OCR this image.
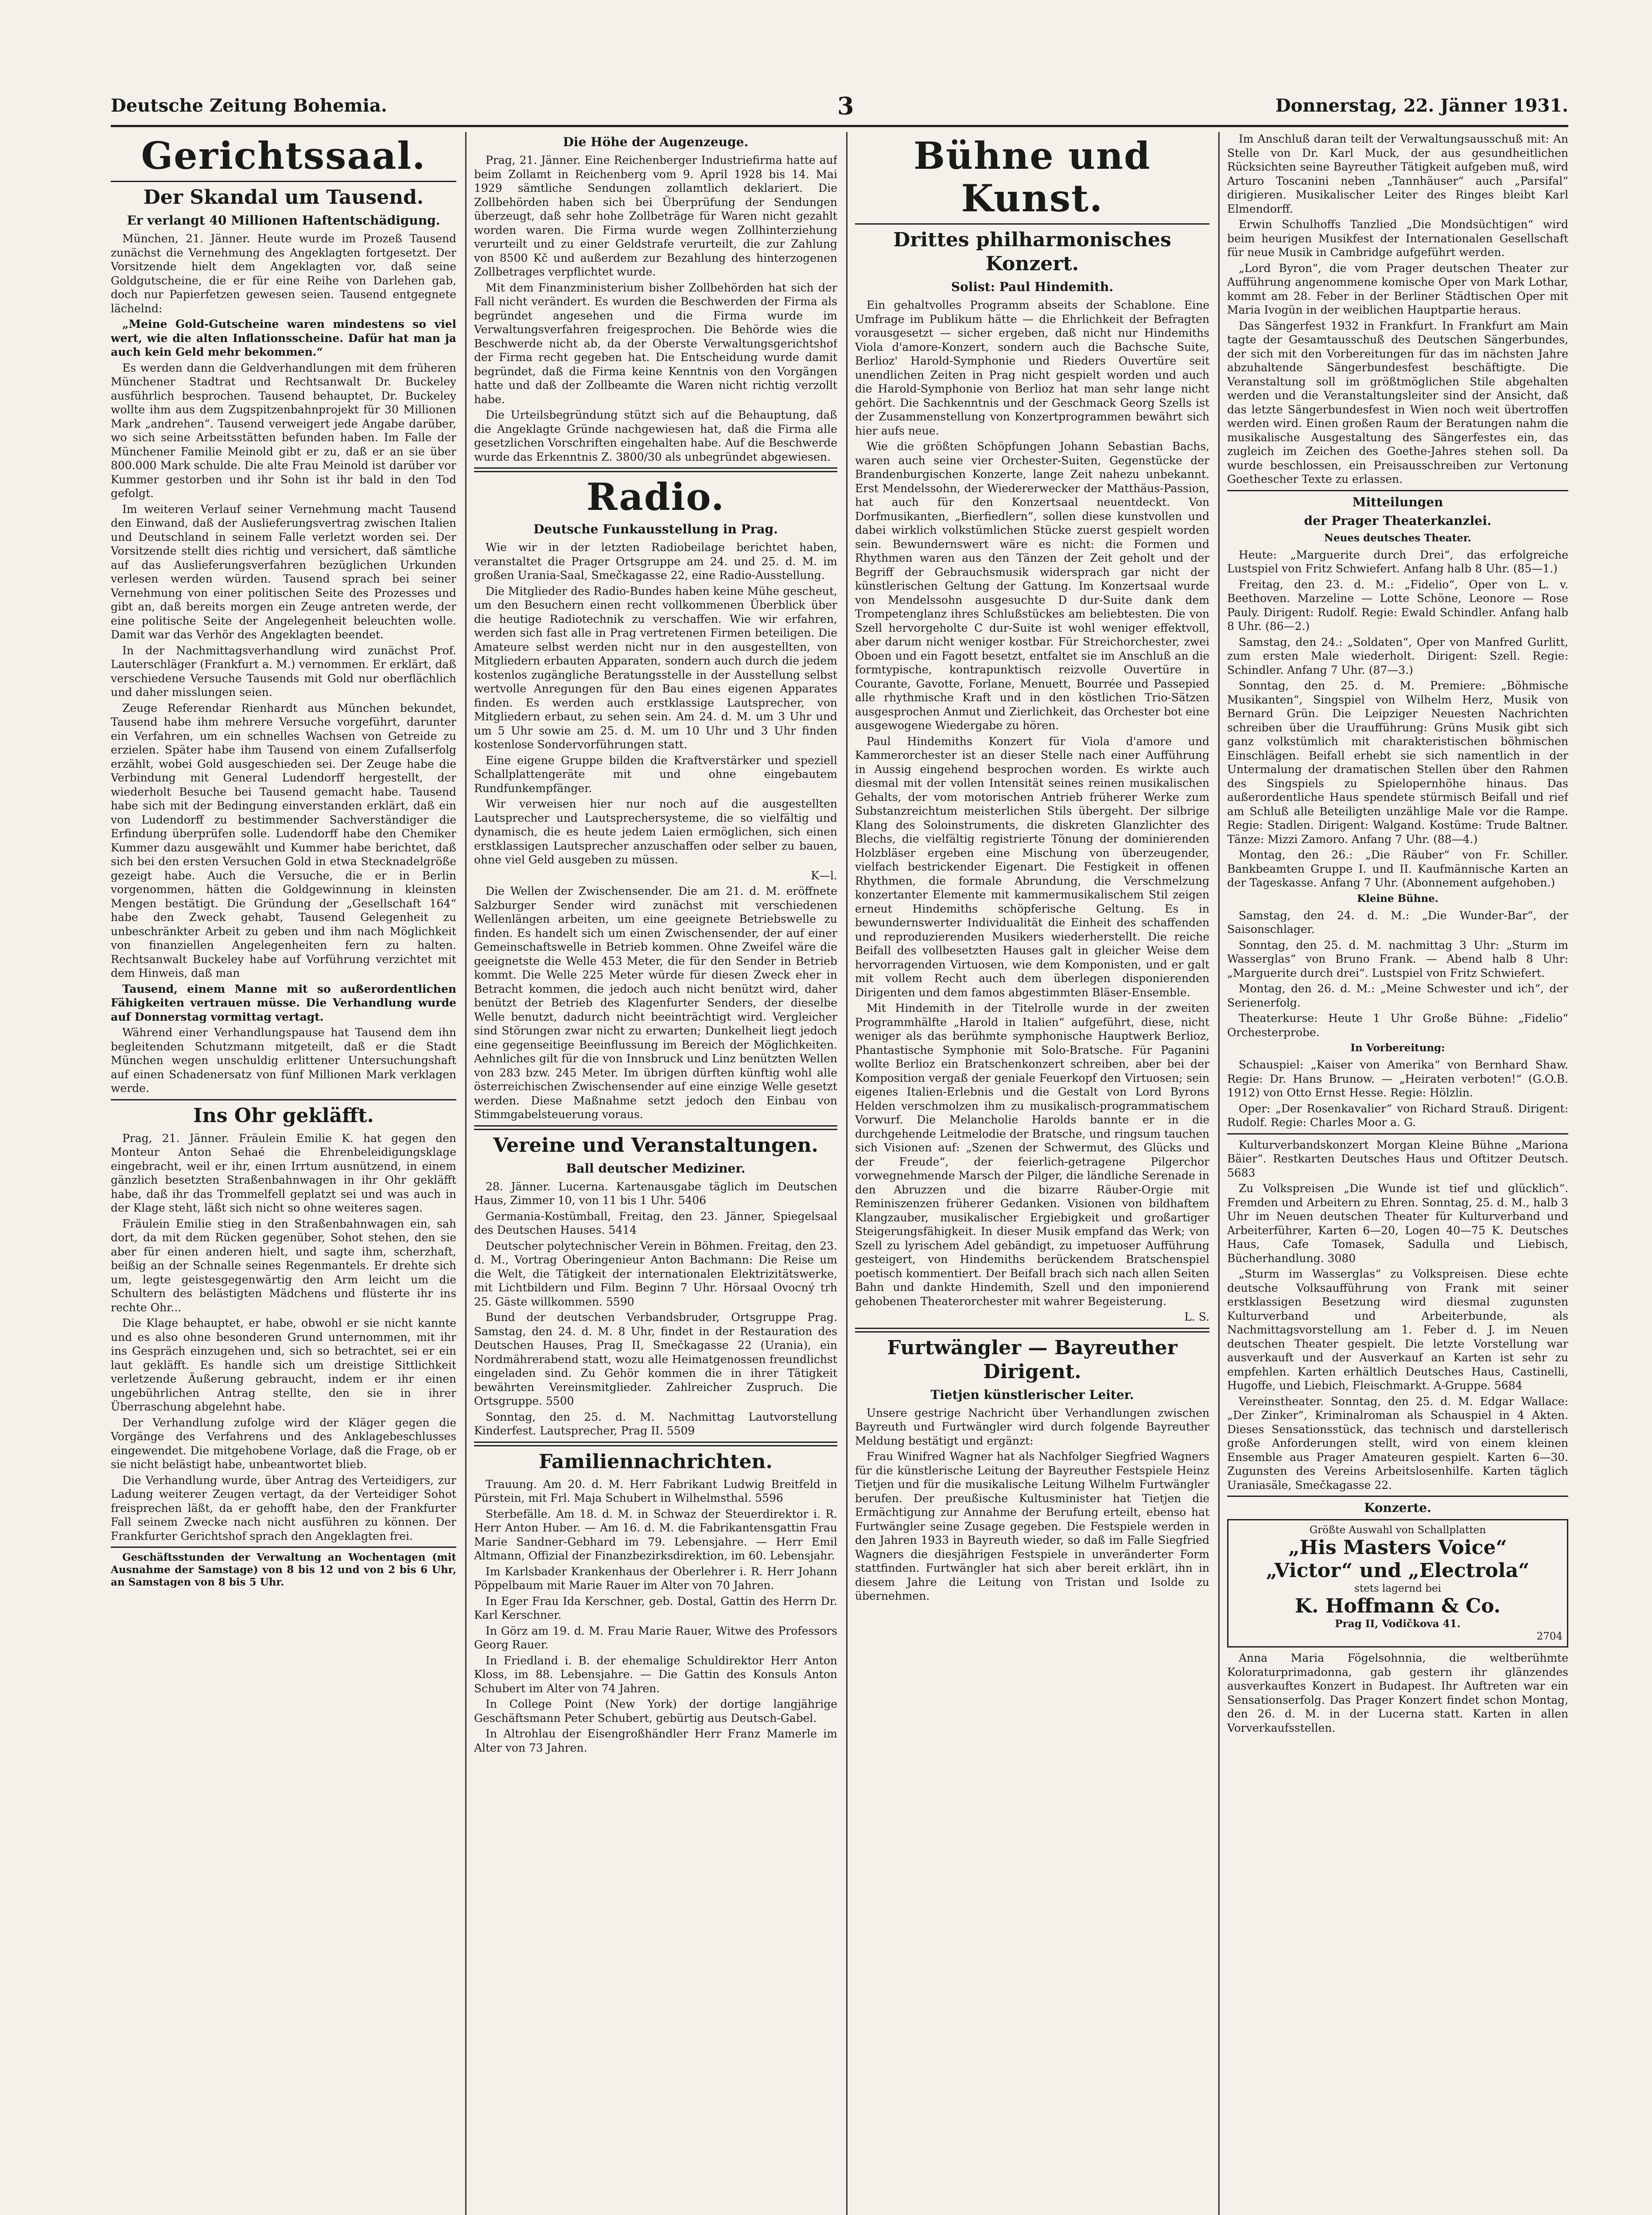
Deutsche Zeitung Bohemia.	3	Donnerstag, 22. Jänner 1931.
Gerichtssaal.
Der Skandal um Tausend.
Er verlangt 40 Millionen Haftentschädigung.

München, 21. Jänner. Heute wurde im Prozeß Tausend zunächst die Vernehmung des Angeklagten fortgesetzt. Der Vorsitzende hielt dem Angeklagten vor, daß seine Goldgutscheine, die er für eine Reihe von Darlehen gab, doch nur Papierfetzen gewesen seien. Tausend entgegnete lächelnd:

„Meine Gold-Gutscheine waren mindestens so viel wert, wie die alten Inflationsscheine. Dafür hat man ja auch kein Geld mehr bekommen.“

Es werden dann die Geldverhandlungen mit dem früheren Münchener Stadtrat und Rechtsanwalt Dr. Buckeley ausführlich besprochen. Tausend behauptet, Dr. Buckeley wollte ihm aus dem Zugspitzenbahnprojekt für 30 Millionen Mark „andrehen“. Tausend verweigert jede Angabe darüber, wo sich seine Arbeitsstätten befunden haben. Im Falle der Münchener Familie Meinold gibt er zu, daß er an sie über 800.000 Mark schulde. Die alte Frau Meinold ist darüber vor Kummer gestorben und ihr Sohn ist ihr bald in den Tod gefolgt.

Im weiteren Verlauf seiner Vernehmung macht Tausend den Einwand, daß der Auslieferungsvertrag zwischen Italien und Deutschland in seinem Falle verletzt worden sei. Der Vorsitzende stellt dies richtig und versichert, daß sämtliche auf das Auslieferungsverfahren bezüglichen Urkunden verlesen werden würden. Tausend sprach bei seiner Vernehmung von einer politischen Seite des Prozesses und gibt an, daß bereits morgen ein Zeuge antreten werde, der eine politische Seite der Angelegenheit beleuchten wolle. Damit war das Verhör des Angeklagten beendet.

In der Nachmittagsverhandlung wird zunächst Prof. Lauterschläger (Frankfurt a. M.) vernommen. Er erklärt, daß verschiedene Versuche Tausends mit Gold nur oberflächlich und daher misslungen seien.

Zeuge Referendar Rienhardt aus München bekundet, Tausend habe ihm mehrere Versuche vorgeführt, darunter ein Verfahren, um ein schnelles Wachsen von Getreide zu erzielen. Später habe ihm Tausend von einem Zufallserfolg erzählt, wobei Gold ausgeschieden sei. Der Zeuge habe die Verbindung mit General Ludendorff hergestellt, der wiederholt Besuche bei Tausend gemacht habe. Tausend habe sich mit der Bedingung einverstanden erklärt, daß ein von Ludendorff zu bestimmender Sachverständiger die Erfindung überprüfen solle. Ludendorff habe den Chemiker Kummer dazu ausgewählt und Kummer habe berichtet, daß sich bei den ersten Versuchen Gold in etwa Stecknadelgröße gezeigt habe. Auch die Versuche, die er in Berlin vorgenommen, hätten die Goldgewinnung in kleinsten Mengen bestätigt. Die Gründung der „Gesellschaft 164“ habe den Zweck gehabt, Tausend Gelegenheit zu unbeschränkter Arbeit zu geben und ihm nach Möglichkeit von finanziellen Angelegenheiten fern zu halten. Rechtsanwalt Buckeley habe auf Vorführung verzichtet mit dem Hinweis, daß man

Tausend, einem Manne mit so außerordentlichen Fähigkeiten vertrauen müsse. Die Verhandlung wurde auf Donnerstag vormittag vertagt.

Während einer Verhandlungspause hat Tausend dem ihn begleitenden Schutzmann mitgeteilt, daß er die Stadt München wegen unschuldig erlittener Untersuchungshaft auf einen Schadenersatz von fünf Millionen Mark verklagen werde.

Ins Ohr gekläfft.

Prag, 21. Jänner. Fräulein Emilie K. hat gegen den Monteur Anton Sehaé die Ehrenbeleidigungsklage eingebracht, weil er ihr, einen Irrtum ausnützend, in einem gänzlich besetzten Straßenbahnwagen in ihr Ohr gekläfft habe, daß ihr das Trommelfell geplatzt sei und was auch in der Klage steht, läßt sich nicht so ohne weiteres sagen.

Fräulein Emilie stieg in den Straßenbahnwagen ein, sah dort, da mit dem Rücken gegenüber, Sohot stehen, den sie aber für einen anderen hielt, und sagte ihm, scherzhaft, beißig an der Schnalle seines Regenmantels. Er drehte sich um, legte geistesgegenwärtig den Arm leicht um die Schultern des belästigten Mädchens und flüsterte ihr ins rechte Ohr...

Die Klage behauptet, er habe, obwohl er sie nicht kannte und es also ohne besonderen Grund unternommen, mit ihr ins Gespräch einzugehen und, sich so betrachtet, sei er ein laut gekläfft. Es handle sich um dreistige Sittlichkeit verletzende Äußerung gebraucht, indem er ihr einen ungebührlichen Antrag stellte, den sie in ihrer Überraschung abgelehnt habe.

Der Verhandlung zufolge wird der Kläger gegen die Vorgänge des Verfahrens und des Anklagebeschlusses eingewendet. Die mitgehobene Vorlage, daß die Frage, ob er sie nicht belästigt habe, unbeantwortet blieb.

Die Verhandlung wurde, über Antrag des Verteidigers, zur Ladung weiterer Zeugen vertagt, da der Verteidiger Sohot freisprechen läßt, da er gehofft habe, den der Frankfurter Fall seinem Zwecke nach nicht ausführen zu können. Der Frankfurter Gerichtshof sprach den Angeklagten frei.

Geschäftsstunden der Verwaltung an Wochentagen (mit Ausnahme der Samstage) von 8 bis 12 und von 2 bis 6 Uhr, an Samstagen von 8 bis 5 Uhr.

Die Höhe der Augenzeuge.

Prag, 21. Jänner. Eine Reichenberger Industriefirma hatte auf beim Zollamt in Reichenberg vom 9. April 1928 bis 14. Mai 1929 sämtliche Sendungen zollamtlich deklariert. Die Zollbehörden haben sich bei Überprüfung der Sendungen überzeugt, daß sehr hohe Zollbeträge für Waren nicht gezahlt worden waren. Die Firma wurde wegen Zollhinterziehung verurteilt und zu einer Geldstrafe verurteilt, die zur Zahlung von 8500 Kč und außerdem zur Bezahlung des hinterzogenen Zollbetrages verpflichtet wurde.

Mit dem Finanzministerium bisher Zollbehörden hat sich der Fall nicht verändert. Es wurden die Beschwerden der Firma als begründet angesehen und die Firma wurde im Verwaltungsverfahren freigesprochen. Die Behörde wies die Beschwerde nicht ab, da der Oberste Verwaltungsgerichtshof der Firma recht gegeben hat. Die Entscheidung wurde damit begründet, daß die Firma keine Kenntnis von den Vorgängen hatte und daß der Zollbeamte die Waren nicht richtig verzollt habe.

Die Urteilsbegründung stützt sich auf die Behauptung, daß die Angeklagte Gründe nachgewiesen hat, daß die Firma alle gesetzlichen Vorschriften eingehalten habe. Auf die Beschwerde wurde das Erkenntnis Z. 3800/30 als unbegründet abgewiesen.

Radio.
Deutsche Funkausstellung in Prag.

Wie wir in der letzten Radiobeilage berichtet haben, veranstaltet die Prager Ortsgruppe am 24. und 25. d. M. im großen Urania-Saal, Smečkagasse 22, eine Radio-Ausstellung.

Die Mitglieder des Radio-Bundes haben keine Mühe gescheut, um den Besuchern einen recht vollkommenen Überblick über die heutige Radiotechnik zu verschaffen. Wie wir erfahren, werden sich fast alle in Prag vertretenen Firmen beteiligen. Die Amateure selbst werden nicht nur in den ausgestellten, von Mitgliedern erbauten Apparaten, sondern auch durch die jedem kostenlos zugängliche Beratungsstelle in der Ausstellung selbst wertvolle Anregungen für den Bau eines eigenen Apparates finden. Es werden auch erstklassige Lautsprecher, von Mitgliedern erbaut, zu sehen sein. Am 24. d. M. um 3 Uhr und um 5 Uhr sowie am 25. d. M. um 10 Uhr und 3 Uhr finden kostenlose Sondervorführungen statt.

Eine eigene Gruppe bilden die Kraftverstärker und speziell Schallplattengeräte mit und ohne eingebautem Rundfunkempfänger.

Wir verweisen hier nur noch auf die ausgestellten Lautsprecher und Lautsprechersysteme, die so vielfältig und dynamisch, die es heute jedem Laien ermöglichen, sich einen erstklassigen Lautsprecher anzuschaffen oder selber zu bauen, ohne viel Geld ausgeben zu müssen.

K—l.

Die Wellen der Zwischensender. Die am 21. d. M. eröffnete Salzburger Sender wird zunächst mit verschiedenen Wellenlängen arbeiten, um eine geeignete Betriebswelle zu finden. Es handelt sich um einen Zwischensender, der auf einer Gemeinschaftswelle in Betrieb kommen. Ohne Zweifel wäre die geeignetste die Welle 453 Meter, die für den Sender in Betrieb kommt. Die Welle 225 Meter würde für diesen Zweck eher in Betracht kommen, die jedoch auch nicht benützt wird, daher benützt der Betrieb des Klagenfurter Senders, der dieselbe Welle benutzt, dadurch nicht beeinträchtigt wird. Vergleicher sind Störungen zwar nicht zu erwarten; Dunkelheit liegt jedoch eine gegenseitige Beeinflussung im Bereich der Möglichkeiten. Aehnliches gilt für die von Innsbruck und Linz benützten Wellen von 283 bzw. 245 Meter. Im übrigen dürften künftig wohl alle österreichischen Zwischensender auf eine einzige Welle gesetzt werden. Diese Maßnahme setzt jedoch den Einbau von Stimmgabelsteuerung voraus.

Vereine und Veranstaltungen.
Ball deutscher Mediziner.

28. Jänner. Lucerna. Kartenausgabe täglich im Deutschen Haus, Zimmer 10, von 11 bis 1 Uhr. 5406

Germania-Kostümball, Freitag, den 23. Jänner, Spiegelsaal des Deutschen Hauses. 5414

Deutscher polytechnischer Verein in Böhmen. Freitag, den 23. d. M., Vortrag Oberingenieur Anton Bachmann: Die Reise um die Welt, die Tätigkeit der internationalen Elektrizitätswerke, mit Lichtbildern und Film. Beginn 7 Uhr. Hörsaal Ovocný trh 25. Gäste willkommen. 5590

Bund der deutschen Verbandsbruder, Ortsgruppe Prag. Samstag, den 24. d. M. 8 Uhr, findet in der Restauration des Deutschen Hauses, Prag II, Smečkagasse 22 (Urania), ein Nordmährerabend statt, wozu alle Heimatgenossen freundlichst eingeladen sind. Zu Gehör kommen die in ihrer Tätigkeit bewährten Vereinsmitglieder. Zahlreicher Zuspruch. Die Ortsgruppe. 5500

Sonntag, den 25. d. M. Nachmittag Lautvorstellung Kinderfest. Lautsprecher, Prag II. 5509

Familiennachrichten.

Trauung. Am 20. d. M. Herr Fabrikant Ludwig Breitfeld in Pürstein, mit Frl. Maja Schubert in Wilhelmsthal. 5596

Sterbefälle. Am 18. d. M. in Schwaz der Steuerdirektor i. R. Herr Anton Huber. — Am 16. d. M. die Fabrikantensgattin Frau Marie Sandner-Gebhard im 79. Lebensjahre. — Herr Emil Altmann, Offizial der Finanzbezirksdirektion, im 60. Lebensjahr.

Im Karlsbader Krankenhaus der Oberlehrer i. R. Herr Johann Pöppelbaum mit Marie Rauer im Alter von 70 Jahren.

In Eger Frau Ida Kerschner, geb. Dostal, Gattin des Herrn Dr. Karl Kerschner.

In Görz am 19. d. M. Frau Marie Rauer, Witwe des Professors Georg Rauer.

In Friedland i. B. der ehemalige Schuldirektor Herr Anton Kloss, im 88. Lebensjahre. — Die Gattin des Konsuls Anton Schubert im Alter von 74 Jahren.

In College Point (New York) der dortige langjährige Geschäftsmann Peter Schubert, gebürtig aus Deutsch-Gabel.

In Altrohlau der Eisengroßhändler Herr Franz Mamerle im Alter von 73 Jahren.

Bühne und Kunst.
Drittes philharmonisches Konzert.
Solist: Paul Hindemith.

Ein gehaltvolles Programm abseits der Schablone. Eine Umfrage im Publikum hätte — die Ehrlichkeit der Befragten vorausgesetzt — sicher ergeben, daß nicht nur Hindemiths Viola d'amore-Konzert, sondern auch die Bachsche Suite, Berlioz' Harold-Symphonie und Rieders Ouvertüre seit unendlichen Zeiten in Prag nicht gespielt worden und auch die Harold-Symphonie von Berlioz hat man sehr lange nicht gehört. Die Sachkenntnis und der Geschmack Georg Szells ist der Zusammenstellung von Konzertprogrammen bewährt sich hier aufs neue.

Wie die größten Schöpfungen Johann Sebastian Bachs, waren auch seine vier Orchester-Suiten, Gegenstücke der Brandenburgischen Konzerte, lange Zeit nahezu unbekannt. Erst Mendelssohn, der Wiedererwecker der Matthäus-Passion, hat auch für den Konzertsaal neuentdeckt. Von Dorfmusikanten, „Bierfiedlern“, sollen diese kunstvollen und dabei wirklich volkstümlichen Stücke zuerst gespielt worden sein. Bewundernswert wäre es nicht: die Formen und Rhythmen waren aus den Tänzen der Zeit geholt und der Begriff der Gebrauchsmusik widersprach gar nicht der künstlerischen Geltung der Gattung. Im Konzertsaal wurde von Mendelssohn ausgesuchte D dur-Suite dank dem Trompetenglanz ihres Schlußstückes am beliebtesten. Die von Szell hervorgeholte C dur-Suite ist wohl weniger effektvoll, aber darum nicht weniger kostbar. Für Streichorchester, zwei Oboen und ein Fagott besetzt, entfaltet sie im Anschluß an die formtypische, kontrapunktisch reizvolle Ouvertüre in Courante, Gavotte, Forlane, Menuett, Bourrée und Passepied alle rhythmische Kraft und in den köstlichen Trio-Sätzen ausgesprochen Anmut und Zierlichkeit, das Orchester bot eine ausgewogene Wiedergabe zu hören.

Paul Hindemiths Konzert für Viola d'amore und Kammerorchester ist an dieser Stelle nach einer Aufführung in Aussig eingehend besprochen worden. Es wirkte auch diesmal mit der vollen Intensität seines reinen musikalischen Gehalts, der vom motorischen Antrieb früherer Werke zum Substanzreichtum meisterlichen Stils übergeht. Der silbrige Klang des Soloinstruments, die diskreten Glanzlichter des Blechs, die vielfältig registrierte Tönung der dominierenden Holzbläser ergeben eine Mischung von überzeugender, vielfach bestrickender Eigenart. Die Festigkeit in offenen Rhythmen, die formale Abrundung, die Verschmelzung konzertanter Elemente mit kammermusikalischem Stil zeigen erneut Hindemiths schöpferische Geltung. Es in bewundernswerter Individualität die Einheit des schaffenden und reproduzierenden Musikers wiederherstellt. Die reiche Beifall des vollbesetzten Hauses galt in gleicher Weise dem hervorragenden Virtuosen, wie dem Komponisten, und er galt mit vollem Recht auch dem überlegen disponierenden Dirigenten und dem famos abgestimmten Bläser-Ensemble.

Mit Hindemith in der Titelrolle wurde in der zweiten Programmhälfte „Harold in Italien“ aufgeführt, diese, nicht weniger als das berühmte symphonische Hauptwerk Berlioz, Phantastische Symphonie mit Solo-Bratsche. Für Paganini wollte Berlioz ein Bratschenkonzert schreiben, aber bei der Komposition vergaß der geniale Feuerkopf den Virtuosen; sein eigenes Italien-Erlebnis und die Gestalt von Lord Byrons Helden verschmolzen ihm zu musikalisch-programmatischem Vorwurf. Die Melancholie Harolds bannte er in die durchgehende Leitmelodie der Bratsche, und ringsum tauchen sich Visionen auf: „Szenen der Schwermut, des Glücks und der Freude“, der feierlich-getragene Pilgerchor vorwegnehmende Marsch der Pilger, die ländliche Serenade in den Abruzzen und die bizarre Räuber-Orgie mit Reminiszenzen früherer Gedanken. Visionen von bildhaftem Klangzauber, musikalischer Ergiebigkeit und großartiger Steigerungsfähigkeit. In dieser Musik empfand das Werk; von Szell zu lyrischem Adel gebändigt, zu impetuoser Aufführung gesteigert, von Hindemiths berückendem Bratschenspiel poetisch kommentiert. Der Beifall brach sich nach allen Seiten Bahn und dankte Hindemith, Szell und den imponierend gehobenen Theaterorchester mit wahrer Begeisterung.

L. S.

Furtwängler — Bayreuther Dirigent.
Tietjen künstlerischer Leiter.

Unsere gestrige Nachricht über Verhandlungen zwischen Bayreuth und Furtwängler wird durch folgende Bayreuther Meldung bestätigt und ergänzt:

Frau Winifred Wagner hat als Nachfolger Siegfried Wagners für die künstlerische Leitung der Bayreuther Festspiele Heinz Tietjen und für die musikalische Leitung Wilhelm Furtwängler berufen. Der preußische Kultusminister hat Tietjen die Ermächtigung zur Annahme der Berufung erteilt, ebenso hat Furtwängler seine Zusage gegeben. Die Festspiele werden in den Jahren 1933 in Bayreuth wieder, so daß im Falle Siegfried Wagners die diesjährigen Festspiele in unveränderter Form stattfinden. Furtwängler hat sich aber bereit erklärt, ihn in diesem Jahre die Leitung von Tristan und Isolde zu übernehmen.

Im Anschluß daran teilt der Verwaltungsausschuß mit: An Stelle von Dr. Karl Muck, der aus gesundheitlichen Rücksichten seine Bayreuther Tätigkeit aufgeben muß, wird Arturo Toscanini neben „Tannhäuser“ auch „Parsifal“ dirigieren. Musikalischer Leiter des Ringes bleibt Karl Elmendorff.

Erwin Schulhoffs Tanzlied „Die Mondsüchtigen“ wird beim heurigen Musikfest der Internationalen Gesellschaft für neue Musik in Cambridge aufgeführt werden.

„Lord Byron“, die vom Prager deutschen Theater zur Aufführung angenommene komische Oper von Mark Lothar, kommt am 28. Feber in der Berliner Städtischen Oper mit Maria Ivogün in der weiblichen Hauptpartie heraus.

Das Sängerfest 1932 in Frankfurt. In Frankfurt am Main tagte der Gesamtausschuß des Deutschen Sängerbundes, der sich mit den Vorbereitungen für das im nächsten Jahre abzuhaltende Sängerbundesfest beschäftigte. Die Veranstaltung soll im größtmöglichen Stile abgehalten werden und die Veranstaltungsleiter sind der Ansicht, daß das letzte Sängerbundesfest in Wien noch weit übertroffen werden wird. Einen großen Raum der Beratungen nahm die musikalische Ausgestaltung des Sängerfestes ein, das zugleich im Zeichen des Goethe-Jahres stehen soll. Da wurde beschlossen, ein Preisausschreiben zur Vertonung Goethescher Texte zu erlassen.

Mitteilungen
der Prager Theaterkanzlei.
Neues deutsches Theater.

Heute: „Marguerite durch Drei“, das erfolgreiche Lustspiel von Fritz Schwiefert. Anfang halb 8 Uhr. (85—1.)

Freitag, den 23. d. M.: „Fidelio“, Oper von L. v. Beethoven. Marzeline — Lotte Schöne, Leonore — Rose Pauly. Dirigent: Rudolf. Regie: Ewald Schindler. Anfang halb 8 Uhr. (86—2.)

Samstag, den 24.: „Soldaten“, Oper von Manfred Gurlitt, zum ersten Male wiederholt. Dirigent: Szell. Regie: Schindler. Anfang 7 Uhr. (87—3.)

Sonntag, den 25. d. M. Premiere: „Böhmische Musikanten“, Singspiel von Wilhelm Herz, Musik von Bernard Grün. Die Leipziger Neuesten Nachrichten schreiben über die Uraufführung: Grüns Musik gibt sich ganz volkstümlich mit charakteristischen böhmischen Einschlägen. Beifall erhebt sie sich namentlich in der Untermalung der dramatischen Stellen über den Rahmen des Singspiels zu Spielopernhöhe hinaus. Das außerordentliche Haus spendete stürmisch Beifall und rief am Schluß alle Beteiligten unzählige Male vor die Rampe. Regie: Stadlen. Dirigent: Walgand. Kostüme: Trude Baltner. Tänze: Mizzi Zamoro. Anfang 7 Uhr. (88—4.)

Montag, den 26.: „Die Räuber“ von Fr. Schiller. Bankbeamten Gruppe I. und II. Kaufmännische Karten an der Tageskasse. Anfang 7 Uhr. (Abonnement aufgehoben.)

Kleine Bühne.

Samstag, den 24. d. M.: „Die Wunder-Bar“, der Saisonschlager.

Sonntag, den 25. d. M. nachmittag 3 Uhr: „Sturm im Wasserglas“ von Bruno Frank. — Abend halb 8 Uhr: „Marguerite durch drei“. Lustspiel von Fritz Schwiefert.

Montag, den 26. d. M.: „Meine Schwester und ich“, der Serienerfolg.

Theaterkurse: Heute 1 Uhr Große Bühne: „Fidelio“ Orchesterprobe.

In Vorbereitung:

Schauspiel: „Kaiser von Amerika“ von Bernhard Shaw. Regie: Dr. Hans Brunow. — „Heiraten verboten!“ (G.O.B. 1912) von Otto Ernst Hesse. Regie: Hölzlin.

Oper: „Der Rosenkavalier“ von Richard Strauß. Dirigent: Rudolf. Regie: Charles Moor a. G.

Kulturverbandskonzert Morgan Kleine Bühne „Mariona Bäier“. Restkarten Deutsches Haus und Oftitzer Deutsch. 5683

Zu Volkspreisen „Die Wunde ist tief und glücklich“. Fremden und Arbeitern zu Ehren. Sonntag, 25. d. M., halb 3 Uhr im Neuen deutschen Theater für Kulturverband und Arbeiterführer, Karten 6—20, Logen 40—75 K. Deutsches Haus, Cafe Tomasek, Sadulla und Liebisch, Bücherhandlung. 3080

„Sturm im Wasserglas“ zu Volkspreisen. Diese echte deutsche Volksaufführung von Frank mit seiner erstklassigen Besetzung wird diesmal zugunsten Kulturverband und Arbeiterbunde, als Nachmittagsvorstellung am 1. Feber d. J. im Neuen deutschen Theater gespielt. Die letzte Vorstellung war ausverkauft und der Ausverkauf an Karten ist sehr zu empfehlen. Karten erhältlich Deutsches Haus, Castinelli, Hugoffe, und Liebich, Fleischmarkt. A-Gruppe. 5684

Vereinstheater. Sonntag, den 25. d. M. Edgar Wallace: „Der Zinker“, Kriminalroman als Schauspiel in 4 Akten. Dieses Sensationsstück, das technisch und darstellerisch große Anforderungen stellt, wird von einem kleinen Ensemble aus Prager Amateuren gespielt. Karten 6—30. Zugunsten des Vereins Arbeitslosenhilfe. Karten täglich Uraniasäle, Smečkagasse 22.

Konzerte.
Größte Auswahl von Schallplatten
„His Masters Voice“
„Victor“ und „Electrola“
stets lagernd bei
K. Hoffmann & Co.
Prag II, Vodičkova 41.
2704

Anna Maria Fögelsohnnia, die weltberühmte Koloraturprimadonna, gab gestern ihr glänzendes ausverkauftes Konzert in Budapest. Ihr Auftreten war ein Sensationserfolg. Das Prager Konzert findet schon Montag, den 26. d. M. in der Lucerna statt. Karten in allen Vorverkaufsstellen.
